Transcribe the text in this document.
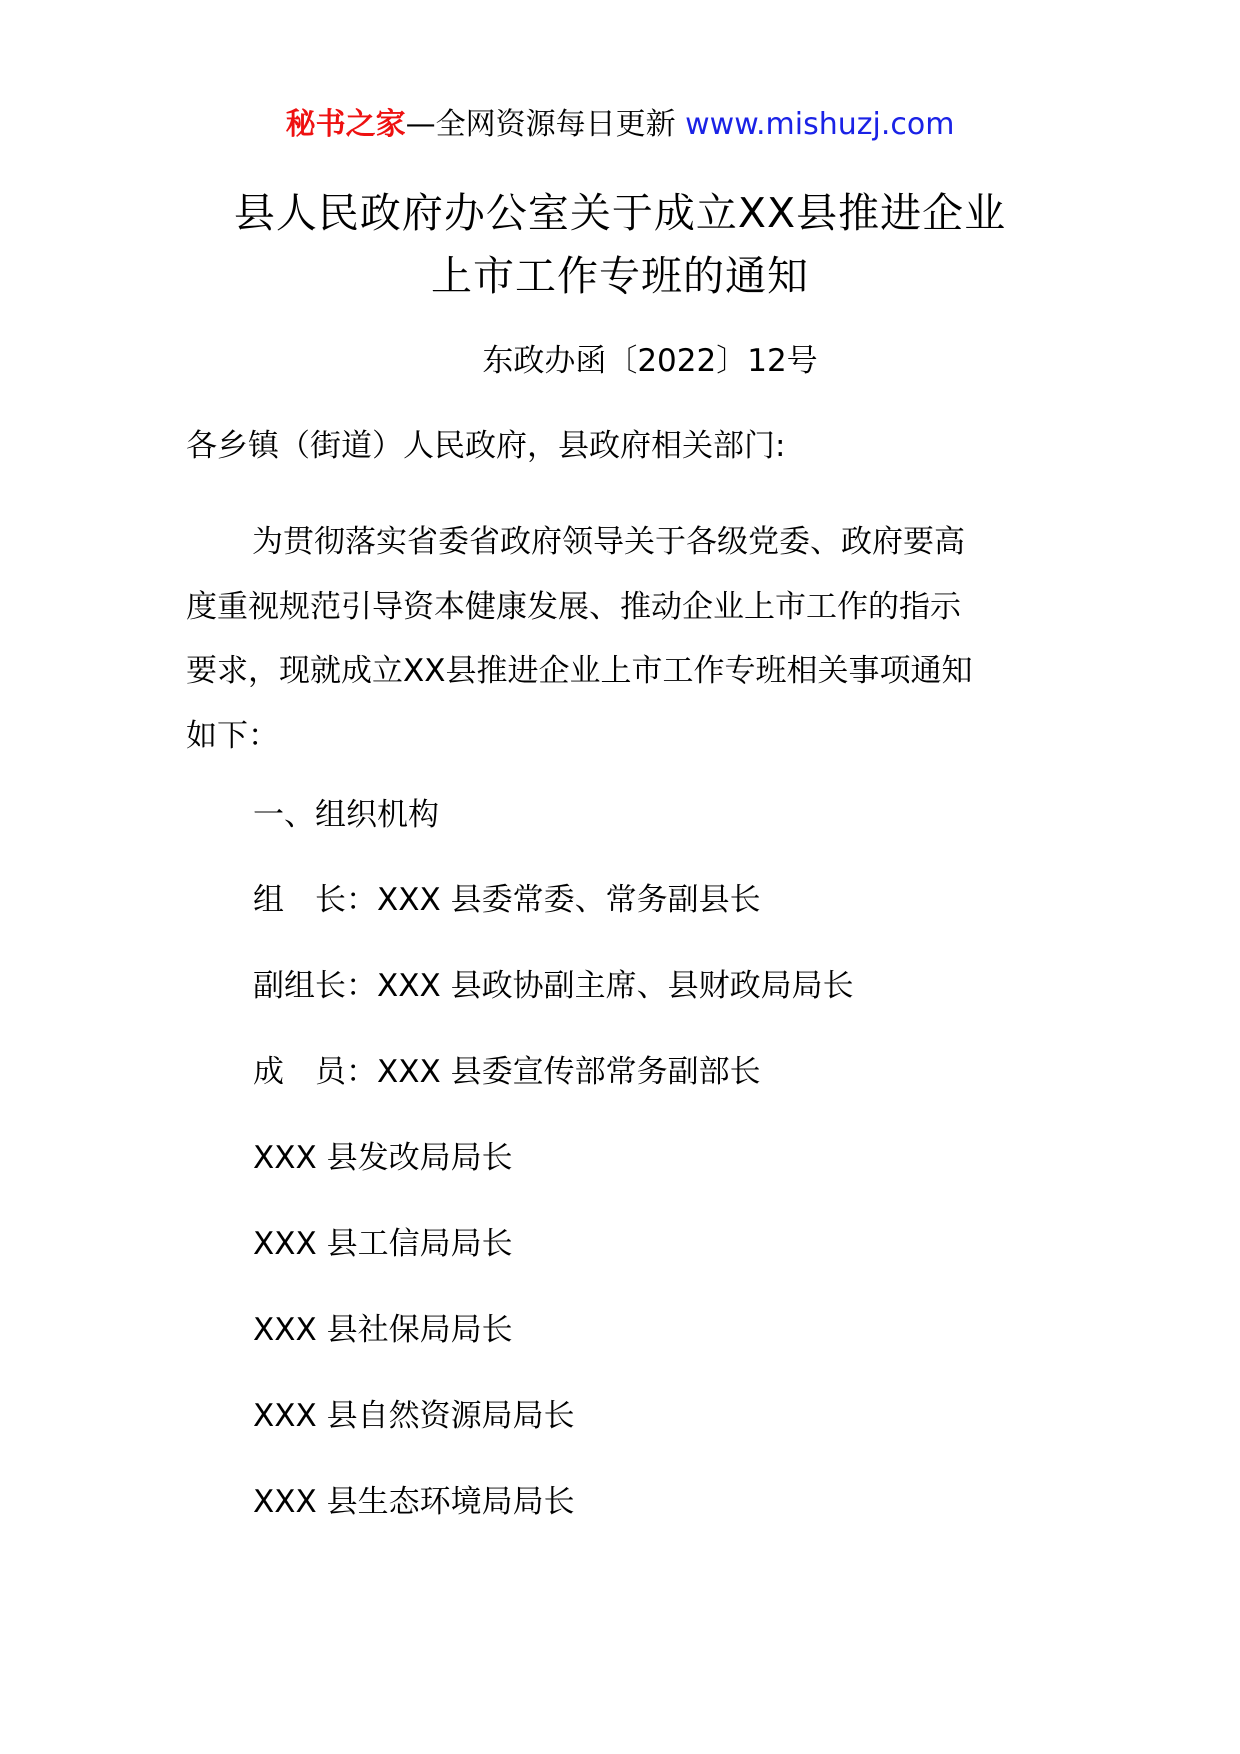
秘书之家—全网资源每日更新 www.mishuzj.com
县人民政府办公室关于成立XX县推进企业
上市工作专班的通知
东政办函〔2022〕12号
各乡镇（街道）人民政府，县政府相关部门:
为贯彻落实省委省政府领导关于各级党委、政府要高
度重视规范引导资本健康发展、推动企业上市工作的指示
要求，现就成立XX县推进企业上市工作专班相关事项通知
如下：
一、组织机构
组　长：XXX 县委常委、常务副县长
副组长：XXX 县政协副主席、县财政局局长
成　员：XXX 县委宣传部常务副部长
XXX 县发改局局长
XXX 县工信局局长
XXX 县社保局局长
XXX 县自然资源局局长
XXX 县生态环境局局长
